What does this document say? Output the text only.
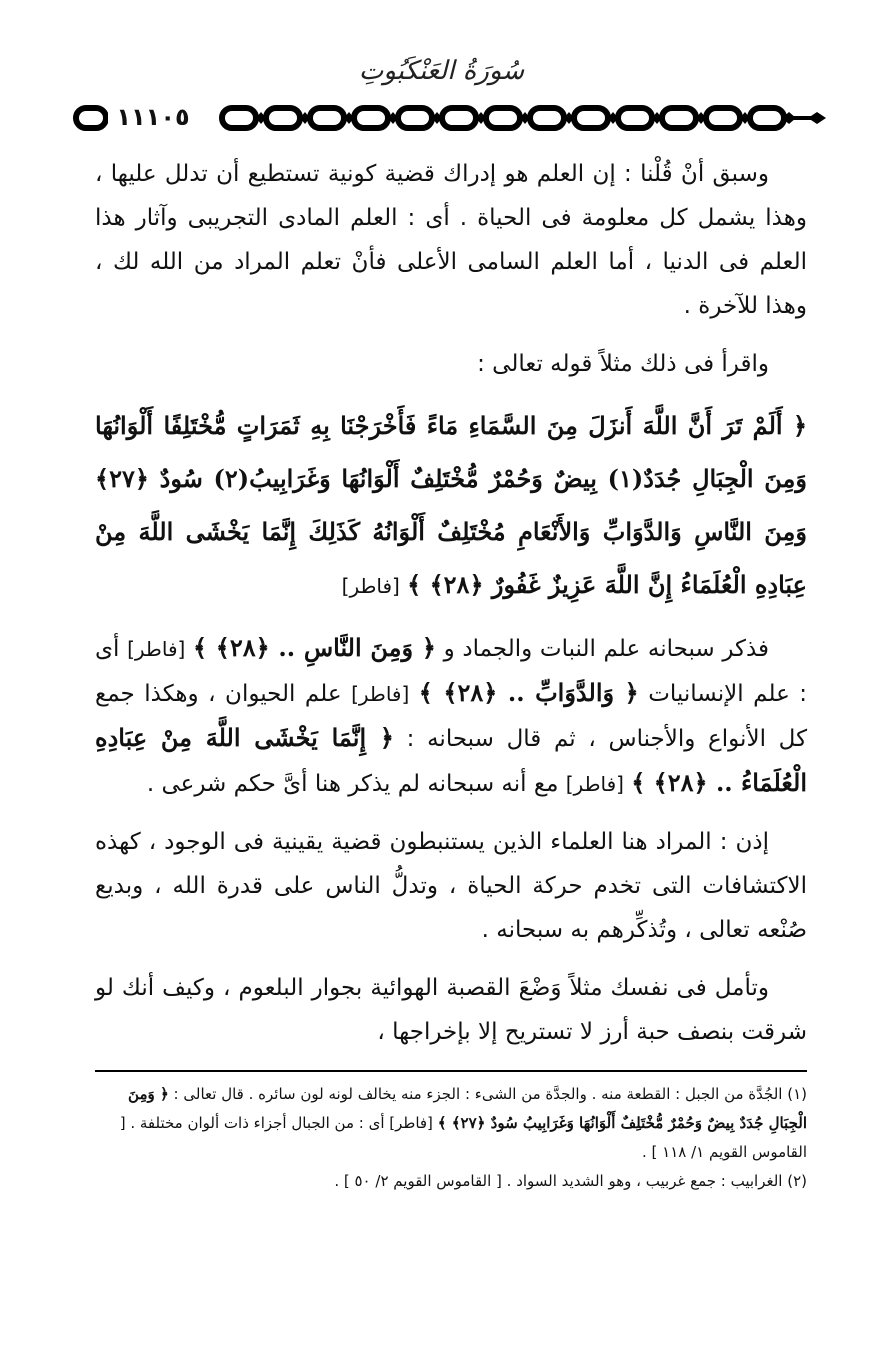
سُورَةُ العَنْكَبُوتِ
١١١٠٥

وسبق أنْ قُلْنا : إن العلم هو إدراك قضية كونية تستطيع أن تدلل عليها ، وهذا يشمل كل معلومة فى الحياة . أى : العلم المادى التجريبى وآثار هذا العلم فى الدنيا ، أما العلم السامى الأعلى فأنْ تعلم المراد من الله لك ، وهذا للآخرة .

واقرأ فى ذلك مثلاً قوله تعالى :

﴿ أَلَمْ تَرَ أَنَّ اللَّهَ أَنزَلَ مِنَ السَّمَاءِ مَاءً فَأَخْرَجْنَا بِهِ ثَمَرَاتٍ مُّخْتَلِفًا أَلْوَانُهَا وَمِنَ الْجِبَالِ جُدَدٌ(١) بِيضٌ وَحُمْرٌ مُّخْتَلِفٌ أَلْوَانُهَا وَغَرَابِيبُ(٢) سُودٌ ﴿٢٧﴾ وَمِنَ النَّاسِ وَالدَّوَابِّ وَالأَنْعَامِ مُخْتَلِفٌ أَلْوَانُهُ كَذَلِكَ إِنَّمَا يَخْشَى اللَّهَ مِنْ عِبَادِهِ الْعُلَمَاءُ إِنَّ اللَّهَ عَزِيزٌ غَفُورٌ ﴿٢٨﴾ ﴾ [فاطر]

فذكر سبحانه علم النبات والجماد و ﴿ وَمِنَ النَّاسِ .. ﴿٢٨﴾ ﴾ [فاطر] أى : علم الإنسانيات ﴿ وَالدَّوَابِّ .. ﴿٢٨﴾ ﴾ [فاطر] علم الحيوان ، وهكذا جمع كل الأنواع والأجناس ، ثم قال سبحانه : ﴿ إِنَّمَا يَخْشَى اللَّهَ مِنْ عِبَادِهِ الْعُلَمَاءُ .. ﴿٢٨﴾ ﴾ [فاطر] مع أنه سبحانه لم يذكر هنا أىَّ حكم شرعى .

إذن : المراد هنا العلماء الذين يستنبطون قضية يقينية فى الوجود ، كهذه الاكتشافات التى تخدم حركة الحياة ، وتدلُّ الناس على قدرة الله ، وبديع صُنْعه تعالى ، وتُذكِّرهم به سبحانه .

وتأمل فى نفسك مثلاً وَضْعَ القصبة الهوائية بجوار البلعوم ، وكيف أنك لو شرقت بنصف حبة أرز لا تستريح إلا بإخراجها ،

(١) الجُدَّة من الجبل : القطعة منه . والجدَّة من الشىء : الجزء منه يخالف لونه لون سائره . قال تعالى : ﴿ وَمِنَ الْجِبَالِ جُدَدٌ بِيضٌ وَحُمْرٌ مُّخْتَلِفٌ أَلْوَانُهَا وَغَرَابِيبُ سُودٌ ﴿٢٧﴾ ﴾ [فاطر] أى : من الجبال أجزاء ذات ألوان مختلفة . [ القاموس القويم ١/ ١١٨ ] .

(٢) الغرابيب : جمع غربيب ، وهو الشديد السواد . [ القاموس القويم ٢/ ٥٠ ] .
